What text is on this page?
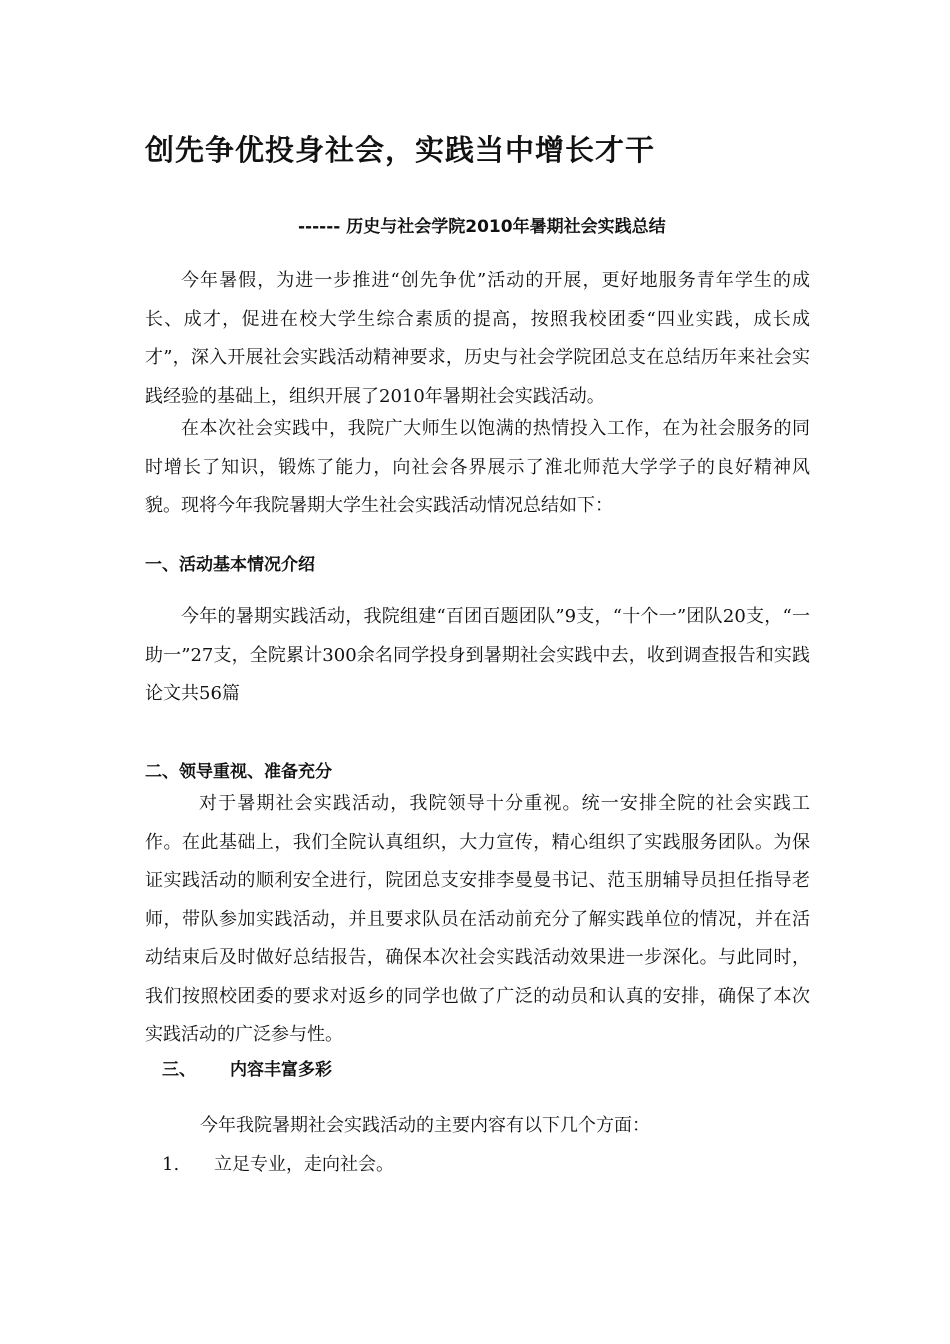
创先争优投身社会，实践当中增长才干

------ 历史与社会学院2010年暑期社会实践总结

今年暑假，为进一步推进“创先争优”活动的开展，更好地服务青年学生的成长、成才，促进在校大学生综合素质的提高，按照我校团委“四业实践，成长成才”，深入开展社会实践活动精神要求，历史与社会学院团总支在总结历年来社会实践经验的基础上，组织开展了2010年暑期社会实践活动。

在本次社会实践中，我院广大师生以饱满的热情投入工作，在为社会服务的同时增长了知识，锻炼了能力，向社会各界展示了淮北师范大学学子的良好精神风貌。现将今年我院暑期大学生社会实践活动情况总结如下：

一、活动基本情况介绍

今年的暑期实践活动，我院组建“百团百题团队”9支，“十个一”团队20支，“一助一”27支，全院累计300余名同学投身到暑期社会实践中去，收到调查报告和实践论文共56篇

二、领导重视、准备充分

对于暑期社会实践活动，我院领导十分重视。统一安排全院的社会实践工作。在此基础上，我们全院认真组织，大力宣传，精心组织了实践服务团队。为保证实践活动的顺利安全进行，院团总支安排李曼曼书记、范玉朋辅导员担任指导老师，带队参加实践活动，并且要求队员在活动前充分了解实践单位的情况，并在活动结束后及时做好总结报告，确保本次社会实践活动效果进一步深化。与此同时，我们按照校团委的要求对返乡的同学也做了广泛的动员和认真的安排，确保了本次实践活动的广泛参与性。

三、 内容丰富多彩

今年我院暑期社会实践活动的主要内容有以下几个方面：

1. 立足专业，走向社会。
